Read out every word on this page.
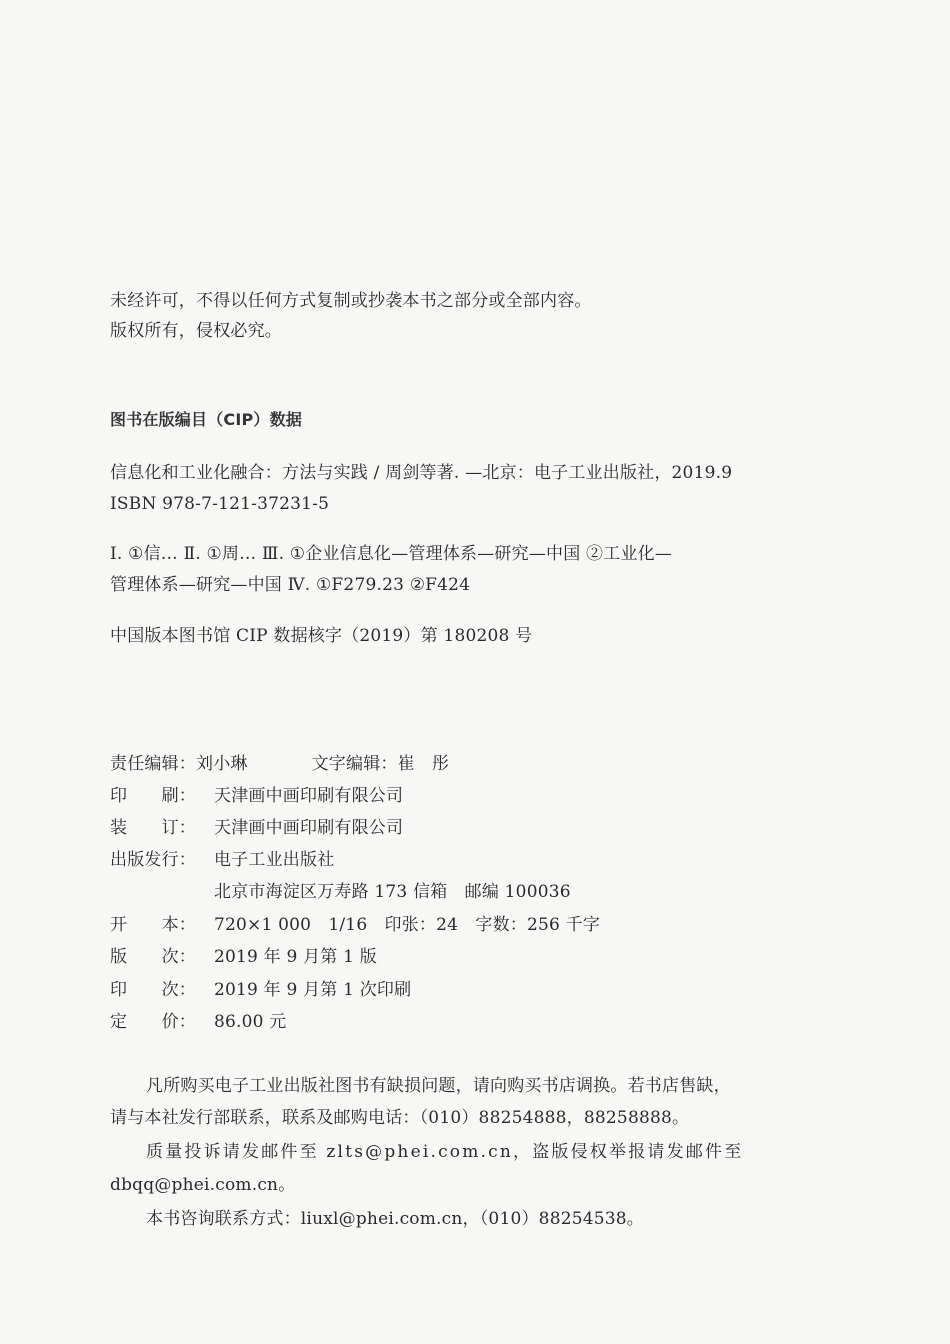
未经许可，不得以任何方式复制或抄袭本书之部分或全部内容。
版权所有，侵权必究。
图书在版编目（CIP）数据
信息化和工业化融合：方法与实践 / 周剑等著. —北京：电子工业出版社，2019.9
ISBN 978-7-121-37231-5
Ⅰ. ①信… Ⅱ. ①周… Ⅲ. ①企业信息化—管理体系—研究—中国 ②工业化—
管理体系—研究—中国 Ⅳ. ①F279.23 ②F424
中国版本图书馆 CIP 数据核字（2019）第 180208 号
责任编辑：刘小琳	文字编辑：崔　彤
印　　刷： 天津画中画印刷有限公司
装　　订： 天津画中画印刷有限公司
出版发行： 电子工业出版社
北京市海淀区万寿路 173 信箱　邮编 100036
开　　本： 720×1 000　1/16　印张：24　字数：256 千字
版　　次： 2019 年 9 月第 1 版
印　　次： 2019 年 9 月第 1 次印刷
定　　价： 86.00 元
凡所购买电子工业出版社图书有缺损问题，请向购买书店调换。若书店售缺，
请与本社发行部联系，联系及邮购电话：（010）88254888，88258888。
质量投诉请发邮件至 zlts@phei.com.cn，盗版侵权举报请发邮件至
dbqq@phei.com.cn。
本书咨询联系方式：liuxl@phei.com.cn，（010）88254538。
